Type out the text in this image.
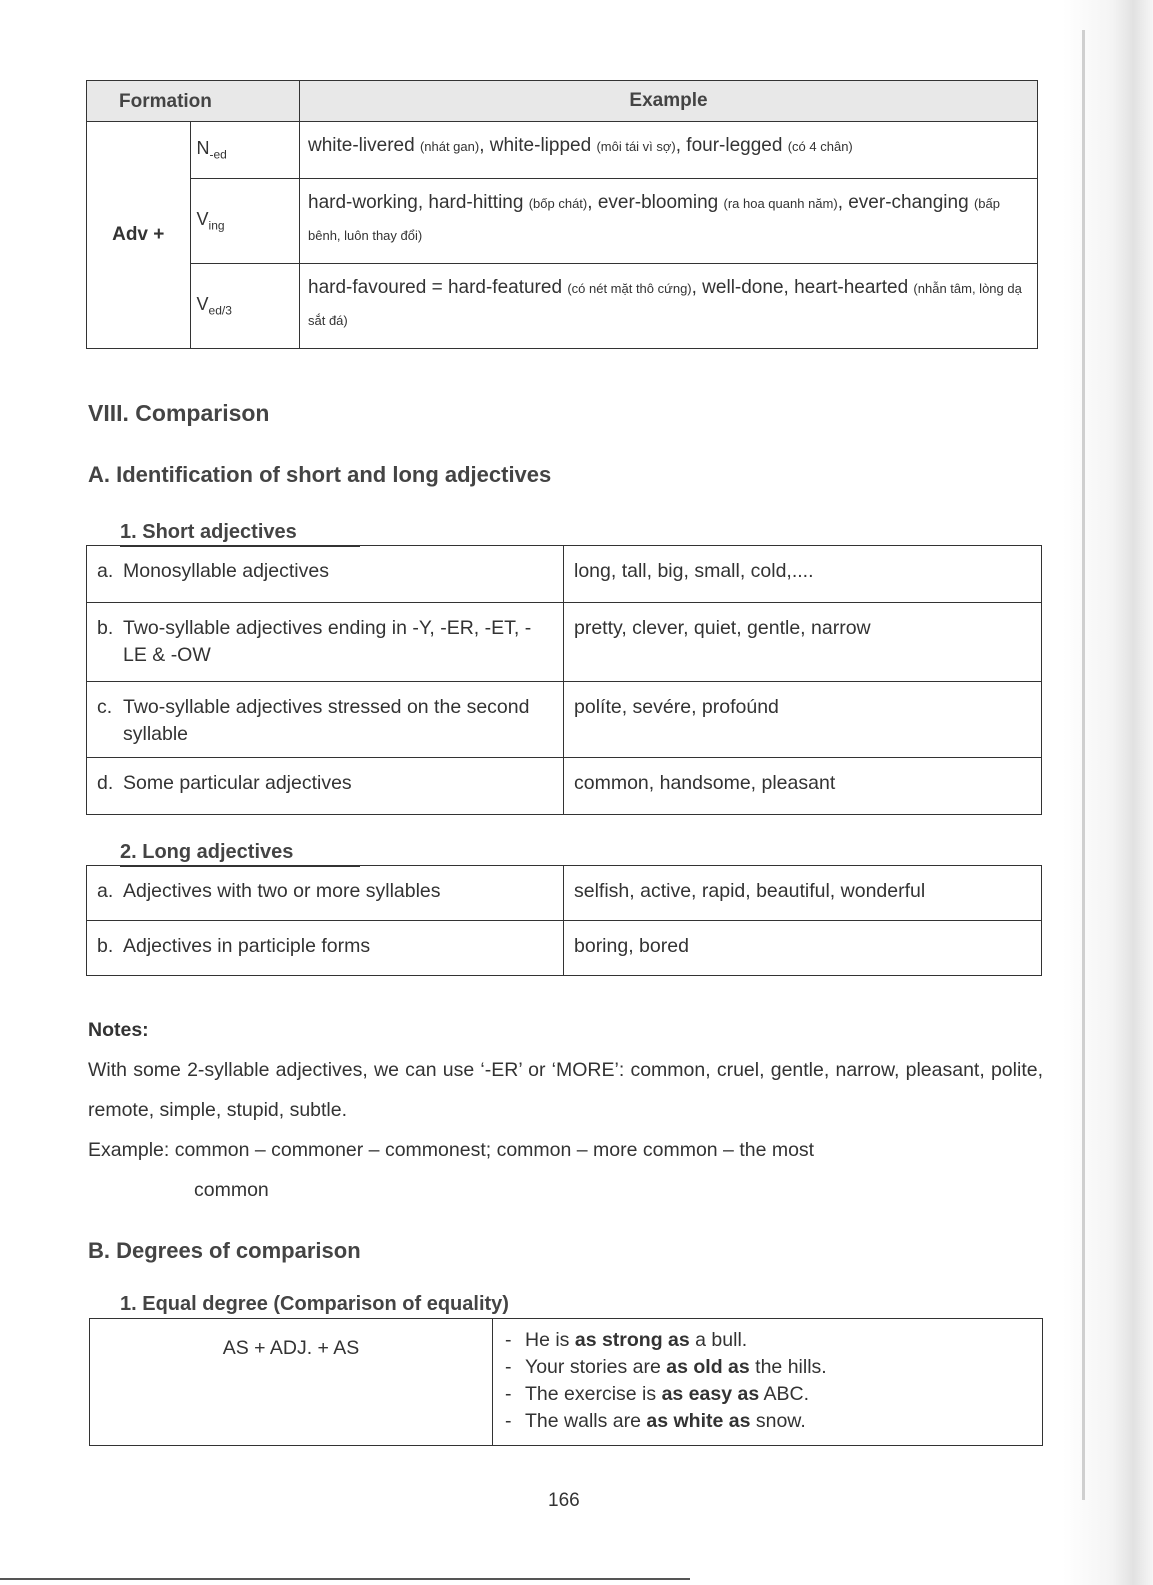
Formation		Example
Adv +	$N_{-ed}$	white-livered (nhát gan), white-lipped (môi tái vì sợ), four-legged (có 4 chân)
	$V_{ing}$	hard-working, hard-hitting (bốp chát), ever-blooming (ra hoa quanh năm), ever-changing (bấp bênh, luôn thay đổi)
	$V_{ed/3}$	hard-favoured = hard-featured (có nét mặt thô cứng), well-done, heart-hearted (nhẫn tâm, lòng dạ sắt đá)
VIII. Comparison
A. Identification of short and long adjectives
1. Short adjectives
a. Monosyllable adjectives	long, tall, big, small, cold,....

b. Two-syllable adjectives ending in -Y, -ER, -ET, -LE & -OW	pretty, clever, quiet, gentle, narrow

c. Two-syllable adjectives stressed on the second syllable	políte, sevére, profoúnd

d. Some particular adjectives	common, handsome, pleasant
2. Long adjectives
a. Adjectives with two or more syllables	selfish, active, rapid, beautiful, wonderful

b. Adjectives in participle forms	boring, bored

Notes:

With some 2-syllable adjectives, we can use ‘-ER’ or ‘MORE’: common, cruel, gentle, narrow, pleasant, polite, remote, simple, stupid, subtle.

Example: common – commoner – commonest; common – more common – the most

common

B. Degrees of comparison
1. Equal degree (Comparison of equality)
AS + ADJ. + AS	- He is as strong as a bull.
- Your stories are as old as the hills.
- The exercise is as easy as ABC.
- The walls are as white as snow.
166
